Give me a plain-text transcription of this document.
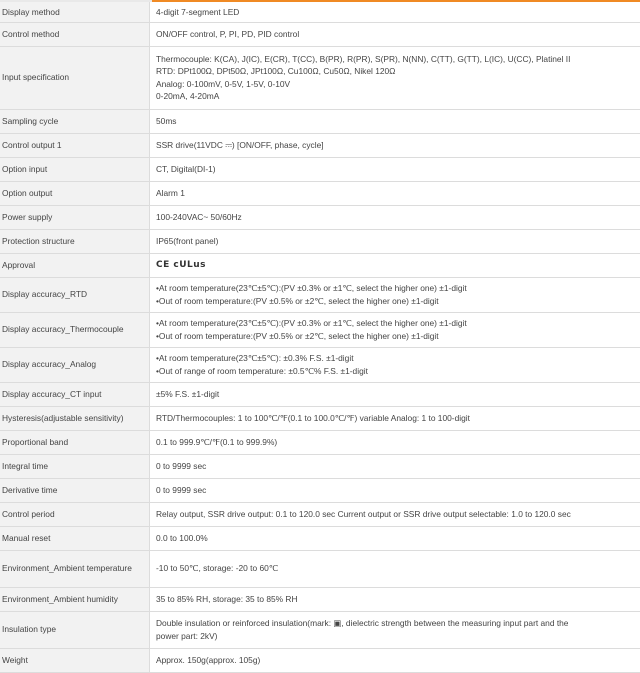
Display method	4-digit 7-segment LED

Control method	ON/OFF control, P, PI, PD, PID control

Input specification	Thermocouple: K(CA), J(IC), E(CR), T(CC), B(PR), R(PR), S(PR), N(NN), C(TT), G(TT), L(IC), U(CC), Platinel II
RTD: DPt100Ω, DPt50Ω, JPt100Ω, Cu100Ω, Cu50Ω, Nikel 120Ω
Analog: 0-100mV, 0-5V, 1-5V, 0-10V
0-20mA, 4-20mA

Sampling cycle	50ms

Control output 1	SSR drive(11VDC ⎓) [ON/OFF, phase, cycle]

Option input	CT, Digital(DI-1)

Option output	Alarm 1

Power supply	100-240VAC~ 50/60Hz

Protection structure	IP65(front panel)

Approval	CE cULus

Display accuracy_RTD	•At room temperature(23℃±5℃):(PV ±0.3% or ±1℃, select the higher one) ±1-digit
•Out of room temperature:(PV ±0.5% or ±2℃, select the higher one) ±1-digit

Display accuracy_Thermocouple	•At room temperature(23℃±5℃):(PV ±0.3% or ±1℃, select the higher one) ±1-digit
•Out of room temperature:(PV ±0.5% or ±2℃, select the higher one) ±1-digit

Display accuracy_Analog	•At room temperature(23℃±5℃): ±0.3% F.S. ±1-digit
•Out of range of room temperature: ±0.5℃% F.S. ±1-digit

Display accuracy_CT input	±5% F.S. ±1-digit

Hysteresis(adjustable sensitivity)	RTD/Thermocouples: 1 to 100℃/℉(0.1 to 100.0℃/℉) variable Analog: 1 to 100-digit

Proportional band	0.1 to 999.9℃/℉(0.1 to 999.9%)

Integral time	0 to 9999 sec

Derivative time	0 to 9999 sec

Control period	Relay output, SSR drive output: 0.1 to 120.0 sec Current output or SSR drive output selectable: 1.0 to 120.0 sec

Manual reset	0.0 to 100.0%

Environment_Ambient temperature	-10 to 50℃, storage: -20 to 60℃

Environment_Ambient humidity	35 to 85% RH, storage: 35 to 85% RH

Insulation type	Double insulation or reinforced insulation(mark: ▣, dielectric strength between the measuring input part and the
power part: 2kV)

Weight	Approx. 150g(approx. 105g)
